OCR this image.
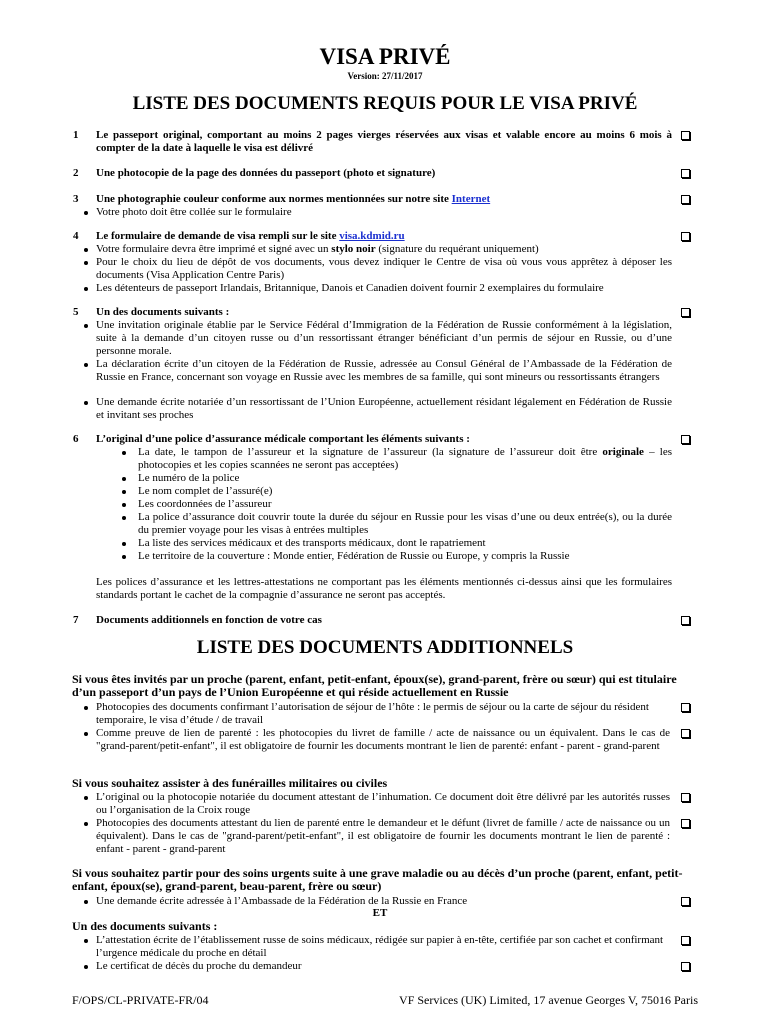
VISA PRIVÉ
Version: 27/11/2017
LISTE DES DOCUMENTS REQUIS POUR LE VISA PRIVÉ
1 Le passeport original, comportant au moins 2 pages vierges réservées aux visas et valable encore au moins 6 mois à compter de la date à laquelle le visa est délivré
2 Une photocopie de la page des données du passeport (photo et signature)
3 Une photographie couleur conforme aux normes mentionnées sur notre site Internet
Votre photo doit être collée sur le formulaire
4 Le formulaire de demande de visa rempli sur le site visa.kdmid.ru
Votre formulaire devra être imprimé et signé avec un stylo noir (signature du requérant uniquement)
Pour le choix du lieu de dépôt de vos documents, vous devez indiquer le Centre de visa où vous vous apprêtez à déposer les documents (Visa Application Centre Paris)
Les détenteurs de passeport Irlandais, Britannique, Danois et Canadien doivent fournir 2 exemplaires du formulaire
5 Un des documents suivants :
Une invitation originale établie par le Service Fédéral d’Immigration de la Fédération de Russie conformément à la législation, suite à la demande d’un citoyen russe ou d’un ressortissant étranger bénéficiant d’un permis de séjour en Russie, ou d’une personne morale.
La déclaration écrite d’un citoyen de la Fédération de Russie, adressée au Consul Général de l’Ambassade de la Fédération de Russie en France, concernant son voyage en Russie avec les membres de sa famille, qui sont mineurs ou ressortissants étrangers
Une demande écrite notariée d’un ressortissant de l’Union Européenne, actuellement résidant légalement en Fédération de Russie et invitant ses proches
6 L’original d’une police d’assurance médicale comportant les éléments suivants :
La date, le tampon de l’assureur et la signature de l’assureur (la signature de l’assureur doit être originale – les photocopies et les copies scannées ne seront pas acceptées)
Le numéro de la police
Le nom complet de l’assuré(e)
Les coordonnées de l’assureur
La police d’assurance doit couvrir toute la durée du séjour en Russie pour les visas d’une ou deux entrée(s), ou la durée du premier voyage pour les visas à entrées multiples
La liste des services médicaux et des transports médicaux, dont le rapatriement
Le territoire de la couverture : Monde entier, Fédération de Russie ou Europe, y compris la Russie
Les polices d’assurance et les lettres-attestations ne comportant pas les éléments mentionnés ci-dessus ainsi que les formulaires standards portant le cachet de la compagnie d’assurance ne seront pas acceptés.
7 Documents additionnels en fonction de votre cas
LISTE DES DOCUMENTS ADDITIONNELS
Si vous êtes invités par un proche (parent, enfant, petit-enfant, époux(se), grand-parent, frère ou sœur) qui est titulaire d’un passeport d’un pays de l’Union Européenne et qui réside actuellement en Russie
Photocopies des documents confirmant l’autorisation de séjour de l’hôte : le permis de séjour ou la carte de séjour du résident temporaire, le visa d’étude / de travail
Comme preuve de lien de parenté : les photocopies du livret de famille / acte de naissance ou un équivalent. Dans le cas de "grand-parent/petit-enfant", il est obligatoire de fournir les documents montrant le lien de parenté: enfant - parent - grand-parent
Si vous souhaitez assister à des funérailles militaires ou civiles
L’original ou la photocopie notariée du document attestant de l’inhumation. Ce document doit être délivré par les autorités russes ou l’organisation de la Croix rouge
Photocopies des documents attestant du lien de parenté entre le demandeur et le défunt (livret de famille / acte de naissance ou un équivalent). Dans le cas de "grand-parent/petit-enfant", il est obligatoire de fournir les documents montrant le lien de parenté : enfant - parent - grand-parent
Si vous souhaitez partir pour des soins urgents suite à une grave maladie ou au décès d’un proche (parent, enfant, petit-enfant, époux(se), grand-parent, beau-parent, frère ou sœur)
Une demande écrite adressée à l’Ambassade de la Fédération de la Russie en France
ET
Un des documents suivants :
L’attestation écrite de l’établissement russe de soins médicaux, rédigée sur papier à en-tête, certifiée par son cachet et confirmant l’urgence médicale du proche en détail
Le certificat de décès du proche du demandeur
F/OPS/CL-PRIVATE-FR/04	VF Services (UK) Limited, 17 avenue Georges V, 75016 Paris
